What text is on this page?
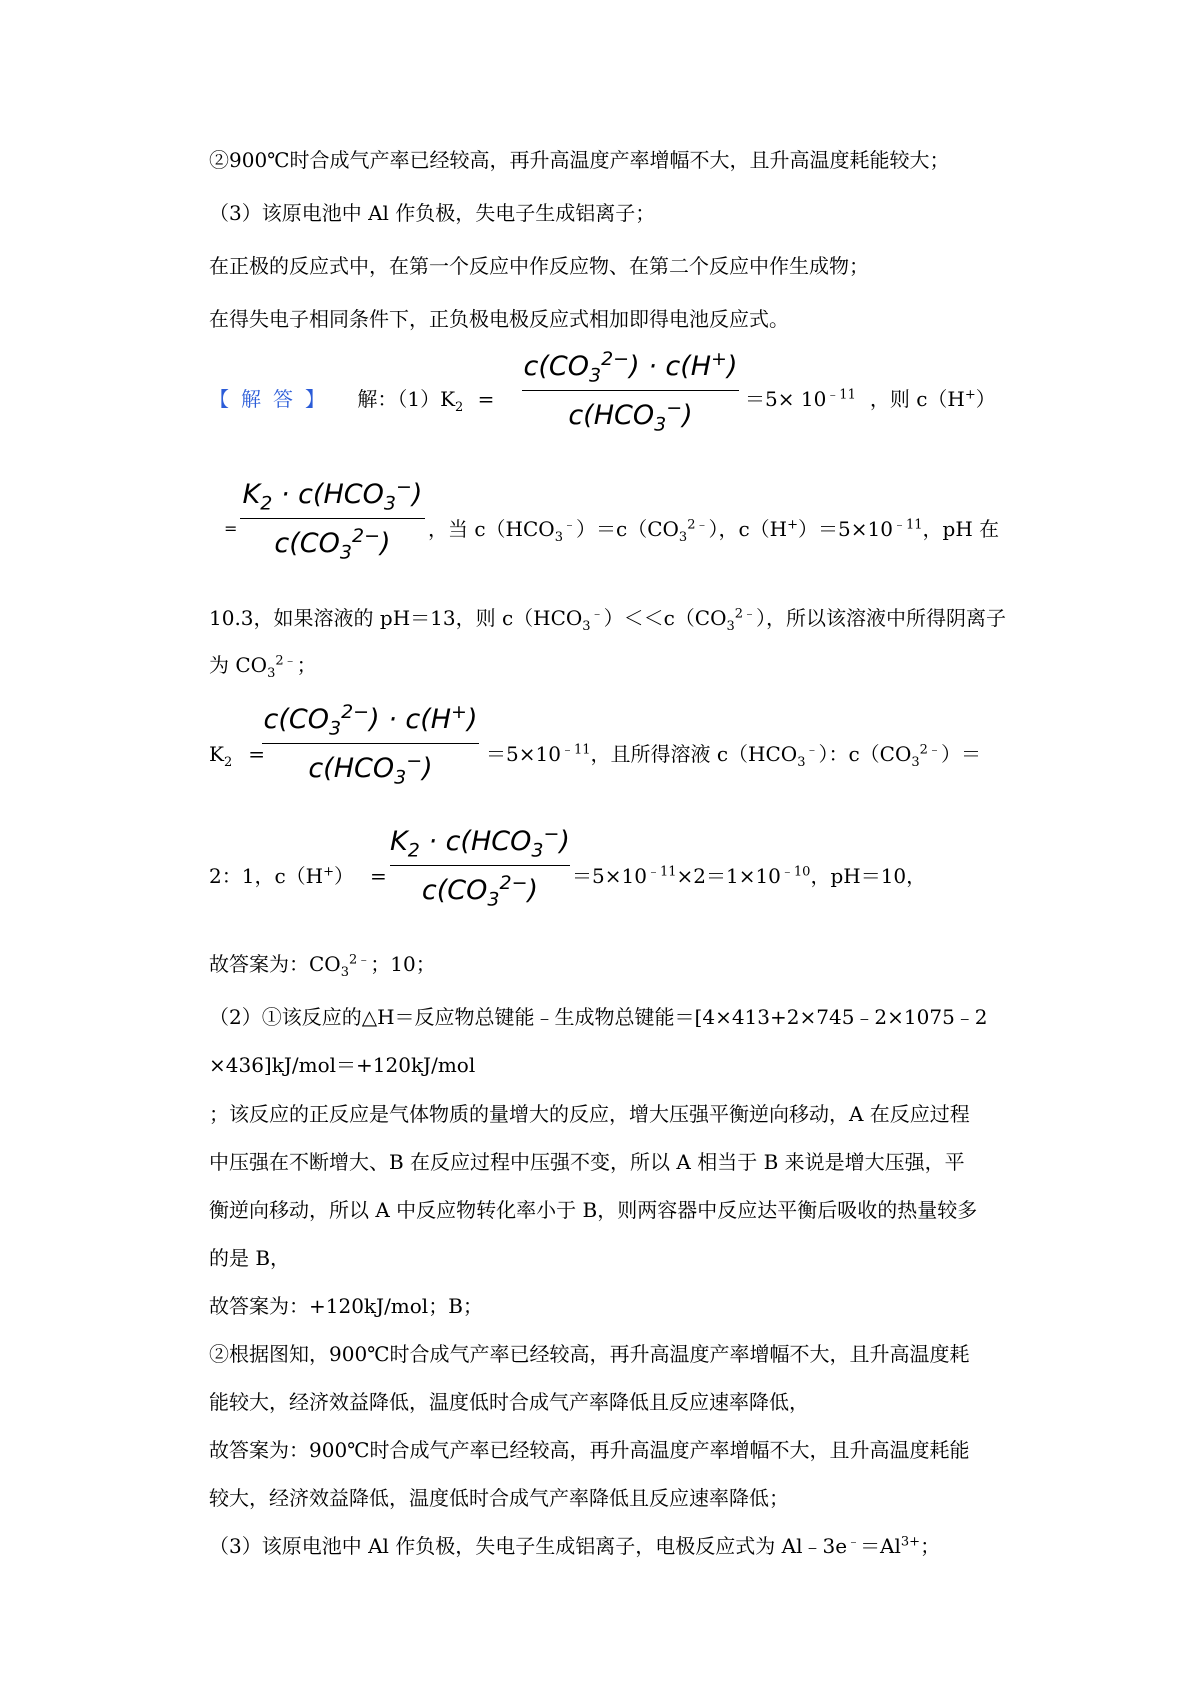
②900℃时合成气产率已经较高，再升高温度产率增幅不大，且升高温度耗能较大；
（3）该原电池中 Al 作负极，失电子生成铝离子；
在正极的反应式中，在第一个反应中作反应物、在第二个反应中作生成物；
在得失电子相同条件下，正负极电极反应式相加即得电池反应式。
【解答】 解：$(1)K_2$ =
$c(CO_3^{2-}) \cdot c(H^+)$
$c(HCO_3^-)$
$=5\times 10^{﹣11}$ ，则 c（H+）
=
$K_2 \cdot c(HCO_3^-)$
$c(CO_3^{2-})$ ，当 $c(HCO_3^﹣)=c(CO_3^{2﹣})$，$c(H^+)=5\times 10^{﹣11}$，pH 在
10.3，如果溶液的 pH＝13，则 $c(HCO_3^﹣)<<c(CO_3^{2﹣})$，所以该溶液中所得阴离子
为 $CO_3^{2﹣}$；
$K_2$ =
$c(CO_3^{2-}) \cdot c(H^+)$
$c(HCO_3^-)$	$=5\times 10^{﹣11}$，且所得溶液 $c(HCO_3^﹣)$：$c(CO_3^{2﹣})=$
2：1，c（H+） =
$K_2 \cdot c(HCO_3^-)$
$c(CO_3^{2-}) =5\times 10^{﹣11}\times 2=1\times 10^{﹣10}$，pH＝10，
故答案为：$CO_3^{2﹣}$；10；
（2）①该反应的△H＝反应物总键能﹣生成物总键能＝[4×413+2×745﹣2×1075﹣2
×436]kJ/mol＝+120kJ/mol
；该反应的正反应是气体物质的量增大的反应，增大压强平衡逆向移动，A 在反应过程
中压强在不断增大、B 在反应过程中压强不变，所以 A 相当于 B 来说是增大压强，平
衡逆向移动，所以 A 中反应物转化率小于 B，则两容器中反应达平衡后吸收的热量较多
的是 B，
故答案为：+120kJ/mol；B；
②根据图知，900℃时合成气产率已经较高，再升高温度产率增幅不大，且升高温度耗
能较大，经济效益降低，温度低时合成气产率降低且反应速率降低，
故答案为：900℃时合成气产率已经较高，再升高温度产率增幅不大，且升高温度耗能
较大，经济效益降低，温度低时合成气产率降低且反应速率降低；
（3）该原电池中 Al 作负极，失电子生成铝离子，电极反应式为 $Al﹣3e^﹣=Al^{3+}$；
